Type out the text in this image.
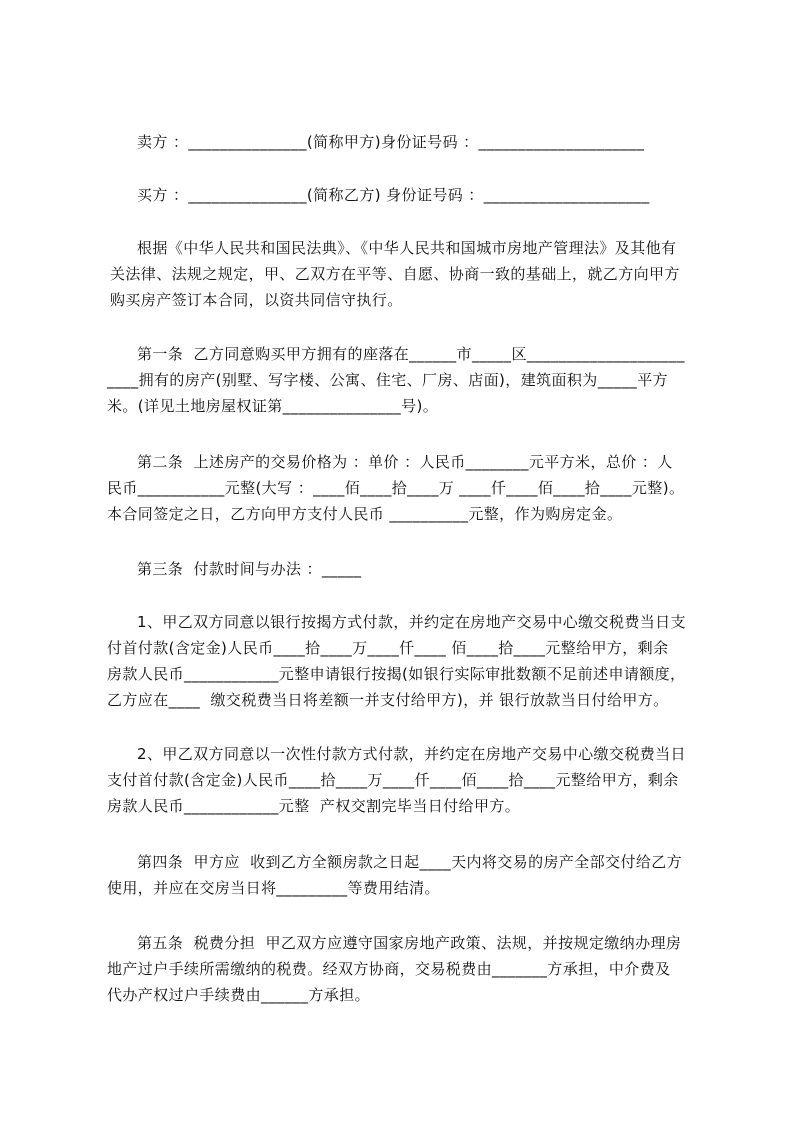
卖方 ：_______________(简称甲方)身份证号码 ：_____________________
买方 ：_______________(简称乙方) 身份证号码 ：_____________________
根据《中华人民共和国民法典》、《中华人民共和国城市房地产管理法》及其他有
关法律、法规之规定，甲、乙双方在平等、自愿、协商一致的基础上，就乙方向甲方
购买房产签订本合同，以资共同信守执行。
第一条  乙方同意购买甲方拥有的座落在______市_____区____________________
____拥有的房产(别墅、写字楼、公寓、住宅、厂房、店面)，建筑面积为_____平方
米。(详见土地房屋权证第_______________号)。
第二条  上述房产的交易价格为 ：单价 ：人民币________元平方米，总价 ：人
民币___________元整(大写 ：____佰____拾____万 ____仟____佰____拾____元整)。
本合同签定之日，乙方向甲方支付人民币 __________元整，作为购房定金。
第三条  付款时间与办法 ：_____
1、甲乙双方同意以银行按揭方式付款，并约定在房地产交易中心缴交税费当日支
付首付款(含定金)人民币____拾____万____仟____ 佰____拾____元整给甲方，剩余
房款人民币____________元整申请银行按揭(如银行实际审批数额不足前述申请额度，
乙方应在____  缴交税费当日将差额一并支付给甲方)，并 银行放款当日付给甲方。
2、甲乙双方同意以一次性付款方式付款，并约定在房地产交易中心缴交税费当日
支付首付款(含定金)人民币____拾____万____仟____佰____拾____元整给甲方，剩余
房款人民币____________元整  产权交割完毕当日付给甲方。
第四条  甲方应  收到乙方全额房款之日起____天内将交易的房产全部交付给乙方
使用，并应在交房当日将_________等费用结清。
第五条  税费分担  甲乙双方应遵守国家房地产政策、法规，并按规定缴纳办理房
地产过户手续所需缴纳的税费。经双方协商，交易税费由_______方承担，中介费及
代办产权过户手续费由______方承担。
